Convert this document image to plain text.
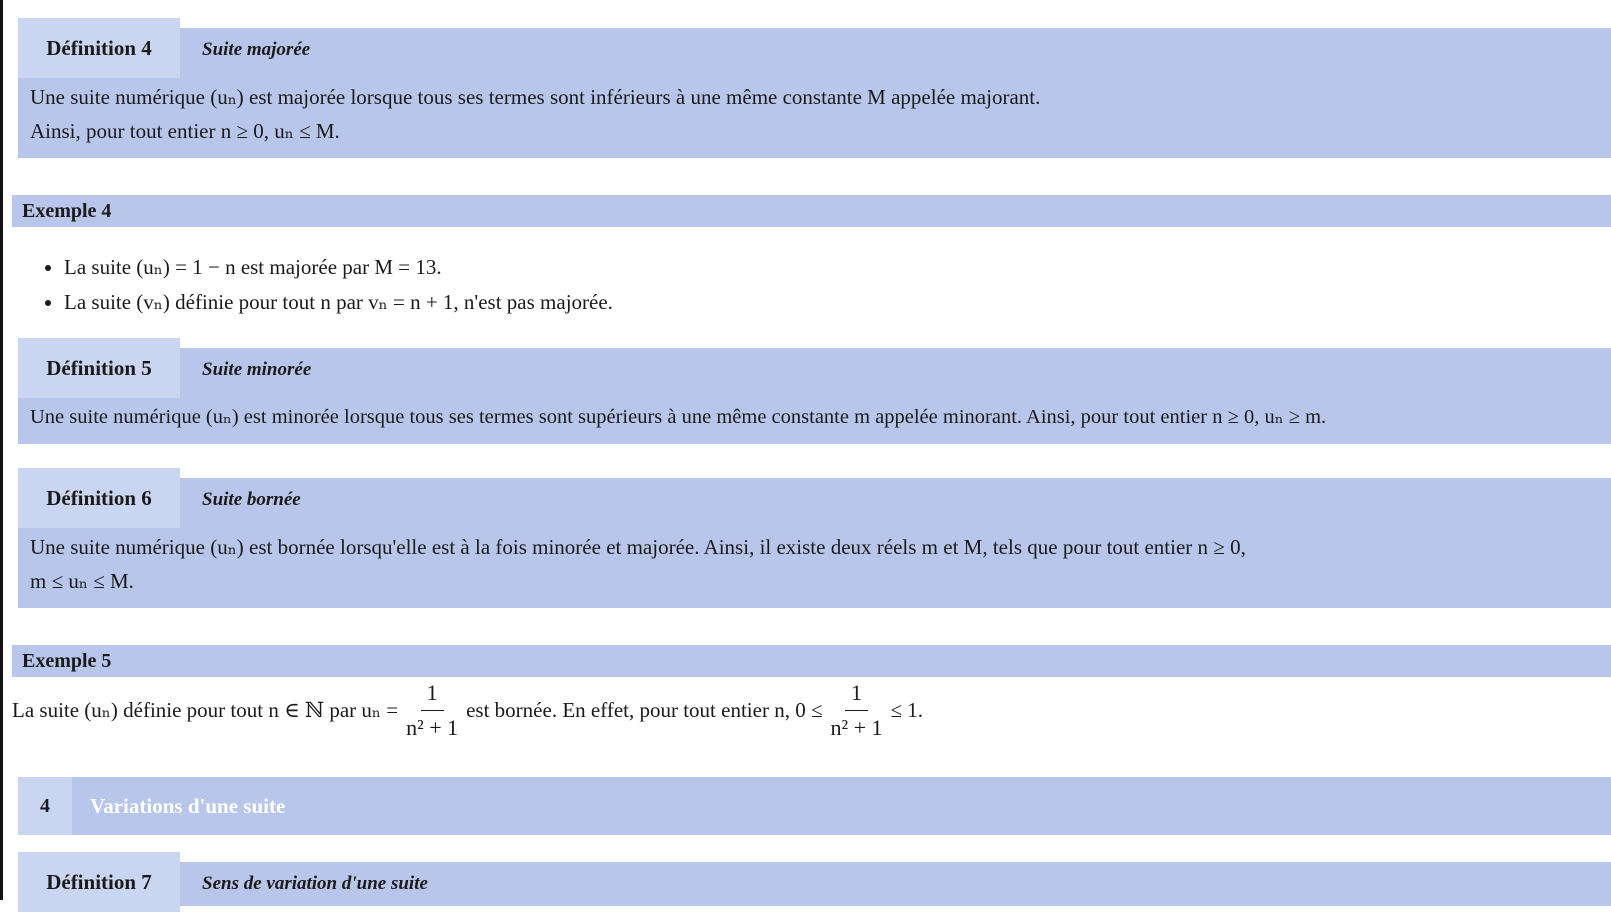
Définition 4	Suite majorée
Une suite numérique (uₙ) est majorée lorsque tous ses termes sont inférieurs à une même constante M appelée majorant.
Ainsi, pour tout entier n ≥ 0, uₙ ≤ M.
Exemple 4
• La suite (uₙ) = 1 − n est majorée par M = 13.
• La suite (vₙ) définie pour tout n par vₙ = n + 1, n'est pas majorée.
Définition 5	Suite minorée
Une suite numérique (uₙ) est minorée lorsque tous ses termes sont supérieurs à une même constante m appelée minorant. Ainsi, pour tout entier n ≥ 0, uₙ ≥ m.
Définition 6	Suite bornée
Une suite numérique (uₙ) est bornée lorsqu'elle est à la fois minorée et majorée. Ainsi, il existe deux réels m et M, tels que pour tout entier n ≥ 0,
m ≤ uₙ ≤ M.
Exemple 5
La suite (uₙ) définie pour tout n ∈ ℕ par $u_n = \frac{1}{\text{n² + 1}}$ est bornée. En effet, pour tout entier n, $0 \le \frac{1}{\text{n² + 1}} \le 1$.
4	Variations d'une suite
Définition 7	Sens de variation d'une suite
